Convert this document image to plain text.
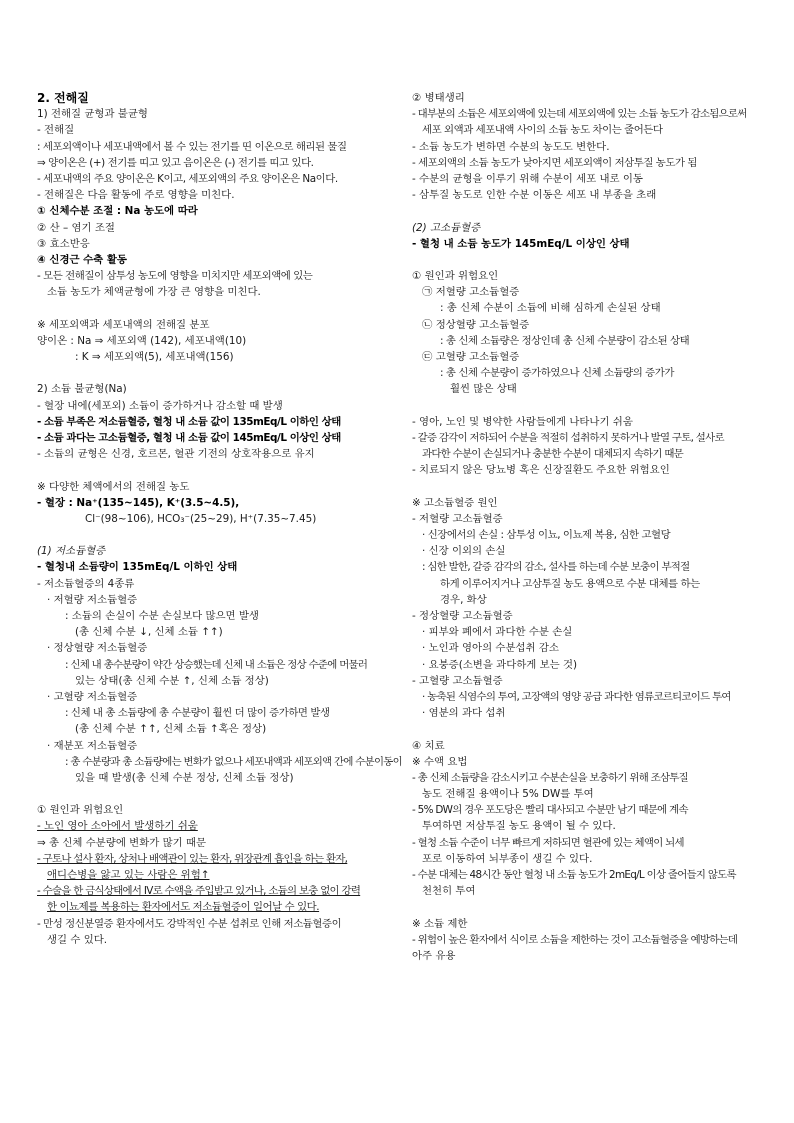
2. 전해질
1) 전해질 균형과 불균형
- 전해질
: 세포외액이나 세포내액에서 볼 수 있는 전기를 띤 이온으로 해리된 물질
⇒ 양이온은 (+) 전기를 띠고 있고 음이온은 (-) 전기를 띠고 있다.
- 세포내액의 주요 양이온은 K이고, 세포외액의 주요 양이온은 Na이다.
- 전해질은 다음 활동에 주로 영향을 미친다.
① 신체수분 조절 : Na 농도에 따라
② 산 – 염기 조절
③ 효소반응
④ 신경근 수축 활동
- 모든 전해질이 삼투성 농도에 영향을 미치지만 세포외액에 있는
소듐 농도가 체액균형에 가장 큰 영향을 미친다.
※ 세포외액과 세포내액의 전해질 분포
양이온 : Na ⇒ 세포외액 (142), 세포내액(10)
: K ⇒ 세포외액(5), 세포내액(156)
2) 소듐 불균형(Na)
- 혈장 내에(세포외) 소듐이 증가하거나 감소할 때 발생
- 소듐 부족은 저소듐혈증, 혈청 내 소듐 값이 135mEq/L 이하인 상태
- 소듐 과다는 고소듐혈증, 혈청 내 소듐 값이 145mEq/L 이상인 상태
- 소듐의 균형은 신경, 호르몬, 혈관 기전의 상호작용으로 유지
※ 다양한 체액에서의 전해질 농도
- 혈장 : Na⁺(135~145), K⁺(3.5~4.5),
Cl⁻(98~106), HCO₃⁻(25~29), H⁺(7.35~7.45)
(1) 저소듐혈증
- 혈청내 소듐량이 135mEq/L 이하인 상태
- 저소듐혈증의 4종류
· 저혈량 저소듐혈증
: 소듐의 손실이 수분 손실보다 많으면 발생
(총 신체 수분 ↓, 신체 소듐 ↑↑)
· 정상혈량 저소듐혈증
: 신체 내 총수분량이 약간 상승했는데 신체 내 소듐은 정상 수준에 머물러
있는 상태(총 신체 수분 ↑, 신체 소듐 정상)
· 고혈량 저소듐혈증
: 신체 내 총 소듐량에 총 수분량이 훨씬 더 많이 증가하면 발생
(총 신체 수분 ↑↑, 신체 소듐 ↑혹은 정상)
· 재분포 저소듐혈증
: 총 수분량과 총 소듐량에는 변화가 없으나 세포내액과 세포외액 간에 수분이동이
있을 때 발생(총 신체 수분 정상, 신체 소듐 정상)
① 원인과 위험요인
- 노인 영아 소아에서 발생하기 쉬움
⇒ 총 신체 수분량에 변화가 많기 때문
- 구토나 설사 환자, 상처나 배액관이 있는 환자, 위장관계 흡인을 하는 환자,
애디슨병을 앓고 있는 사람은 위험↑
- 수술을 한 금식상태에서 IV로 수액을 주입받고 있거나, 소듐의 보충 없이 강력
한 이뇨제를 복용하는 환자에서도 저소듐혈증이 일어날 수 있다.
- 만성 정신분열증 환자에서도 강박적인 수분 섭취로 인해 저소듐혈증이
생길 수 있다.
② 병태생리
- 대부분의 소듐은 세포외액에 있는데 세포외액에 있는 소듐 농도가 감소됨으로써
세포 외액과 세포내액 사이의 소듐 농도 차이는 줄어든다
- 소듐 농도가 변하면 수분의 농도도 변한다.
- 세포외액의 소듐 농도가 낮아지면 세포외액이 저삼투질 농도가 됨
- 수분의 균형을 이루기 위해 수분이 세포 내로 이동
- 삼투질 농도로 인한 수분 이동은 세포 내 부종을 초래
(2) 고소듐혈증
- 혈청 내 소듐 농도가 145mEq/L 이상인 상태
① 원인과 위험요인
㉠ 저혈량 고소듐혈증
: 총 신체 수분이 소듐에 비해 심하게 손실된 상태
㉡ 정상혈량 고소듐혈증
: 총 신체 소듐량은 정상인데 총 신체 수분량이 감소된 상태
㉢ 고혈량 고소듐혈증
: 총 신체 수분량이 증가하였으나 신체 소듐량의 증가가
훨씬 많은 상태
- 영아, 노인 및 병약한 사람들에게 나타나기 쉬움
- 갈증 감각이 저하되어 수분을 적절히 섭취하지 못하거나 발열 구토, 설사로
과다한 수분이 손실되거나 충분한 수분이 대체되지 속하기 때문
- 치료되지 않은 당뇨병 혹은 신장질환도 주요한 위험요인
※ 고소듐혈증 원인
- 저혈량 고소듐혈증
· 신장에서의 손실 : 삼투성 이뇨, 이뇨제 복용, 심한 고혈당
· 신장 이외의 손실
: 심한 발한, 갈증 감각의 감소, 설사를 하는데 수분 보충이 부적절
하게 이루어지거나 고삼투질 농도 용액으로 수분 대체를 하는
경우, 화상
- 정상혈량 고소듐혈증
· 피부와 폐에서 과다한 수분 손실
· 노인과 영아의 수분섭취 감소
· 요붕증(소변을 과다하게 보는 것)
- 고혈량 고소듐혈증
· 농축된 식염수의 투여, 고장액의 영양 공급 과다한 염류코르티코이드 투여
· 염분의 과다 섭취
④ 치료
※ 수액 요법
- 총 신체 소듐량을 감소시키고 수분손실을 보충하기 위해 조삼투질
농도 전해질 용액이나 5% DW를 투여
- 5% DW의 경우 포도당은 빨리 대사되고 수분만 남기 때문에 계속
투여하면 저삼투질 농도 용액이 될 수 있다.
- 혈청 소듐 수준이 너무 빠르게 저하되면 혈관에 있는 체액이 뇌세
포로 이동하여 뇌부종이 생길 수 있다.
- 수분 대체는 48시간 동안 혈청 내 소듐 농도가 2mEq/L 이상 줄어들지 않도록
천천히 투여
※ 소듐 제한
- 위험이 높은 환자에서 식이로 소듐을 제한하는 것이 고소듐혈증을 예방하는데
아주 유용
